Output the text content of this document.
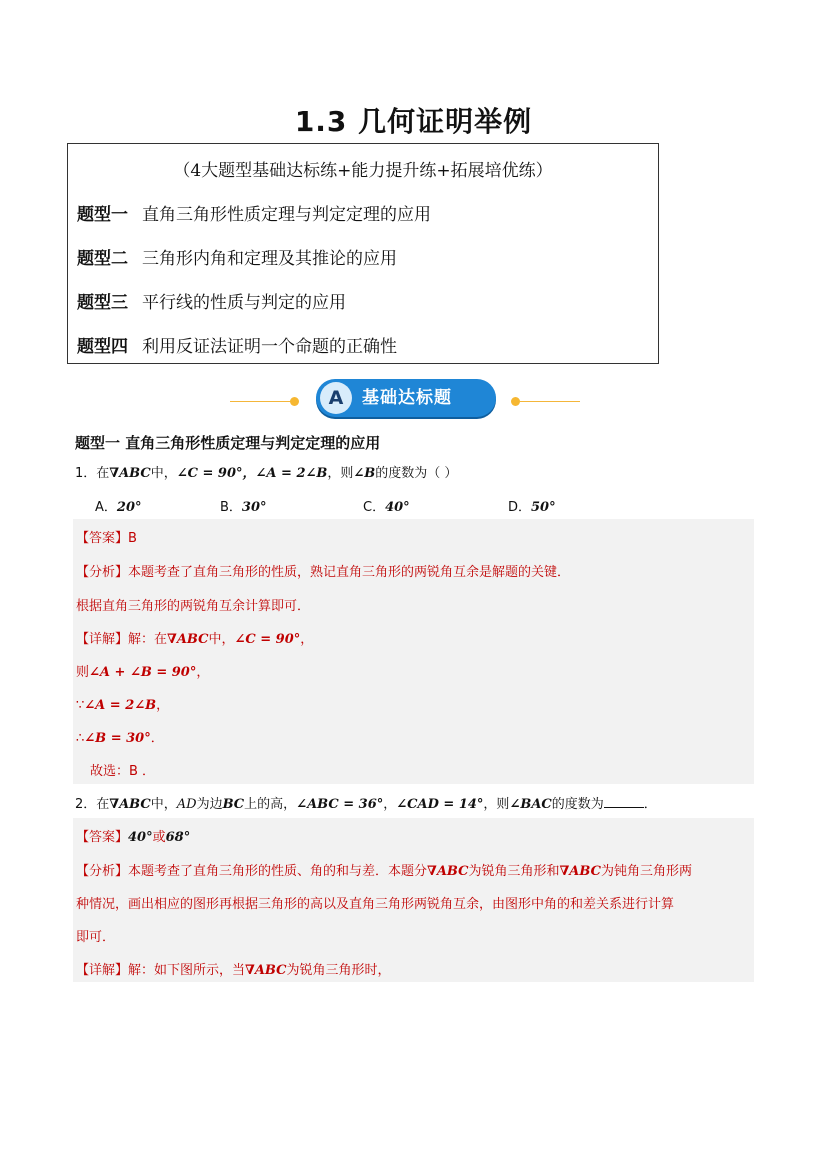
1.3 几何证明举例
（4大题型基础达标练+能力提升练+拓展培优练）
题型一 直角三角形性质定理与判定定理的应用
题型二 三角形内角和定理及其推论的应用
题型三 平行线的性质与判定的应用
题型四 利用反证法证明一个命题的正确性
A	基础达标题
题型一 直角三角形性质定理与判定定理的应用
1．在∇ABC中，∠C = 90°，∠A = 2∠B，则∠B的度数为（ ）
A．20°	B．30°	C．40°	D．50°
【答案】B
【分析】本题考查了直角三角形的性质，熟记直角三角形的两锐角互余是解题的关键．
根据直角三角形的两锐角互余计算即可．
【详解】解：在∇ABC中，∠C = 90°，
则∠A + ∠B = 90°，
∵∠A = 2∠B，
∴∠B = 30°．
故选：B ．
2．在∇ABC中，AD为边BC上的高，∠ABC = 36°，∠CAD = 14°，则∠BAC的度数为	．
【答案】40°或68°
【分析】本题考查了直角三角形的性质、角的和与差．本题分∇ABC为锐角三角形和∇ABC为钝角三角形两
种情况，画出相应的图形再根据三角形的高以及直角三角形两锐角互余，由图形中角的和差关系进行计算
即可．
【详解】解：如下图所示，当∇ABC为锐角三角形时，
